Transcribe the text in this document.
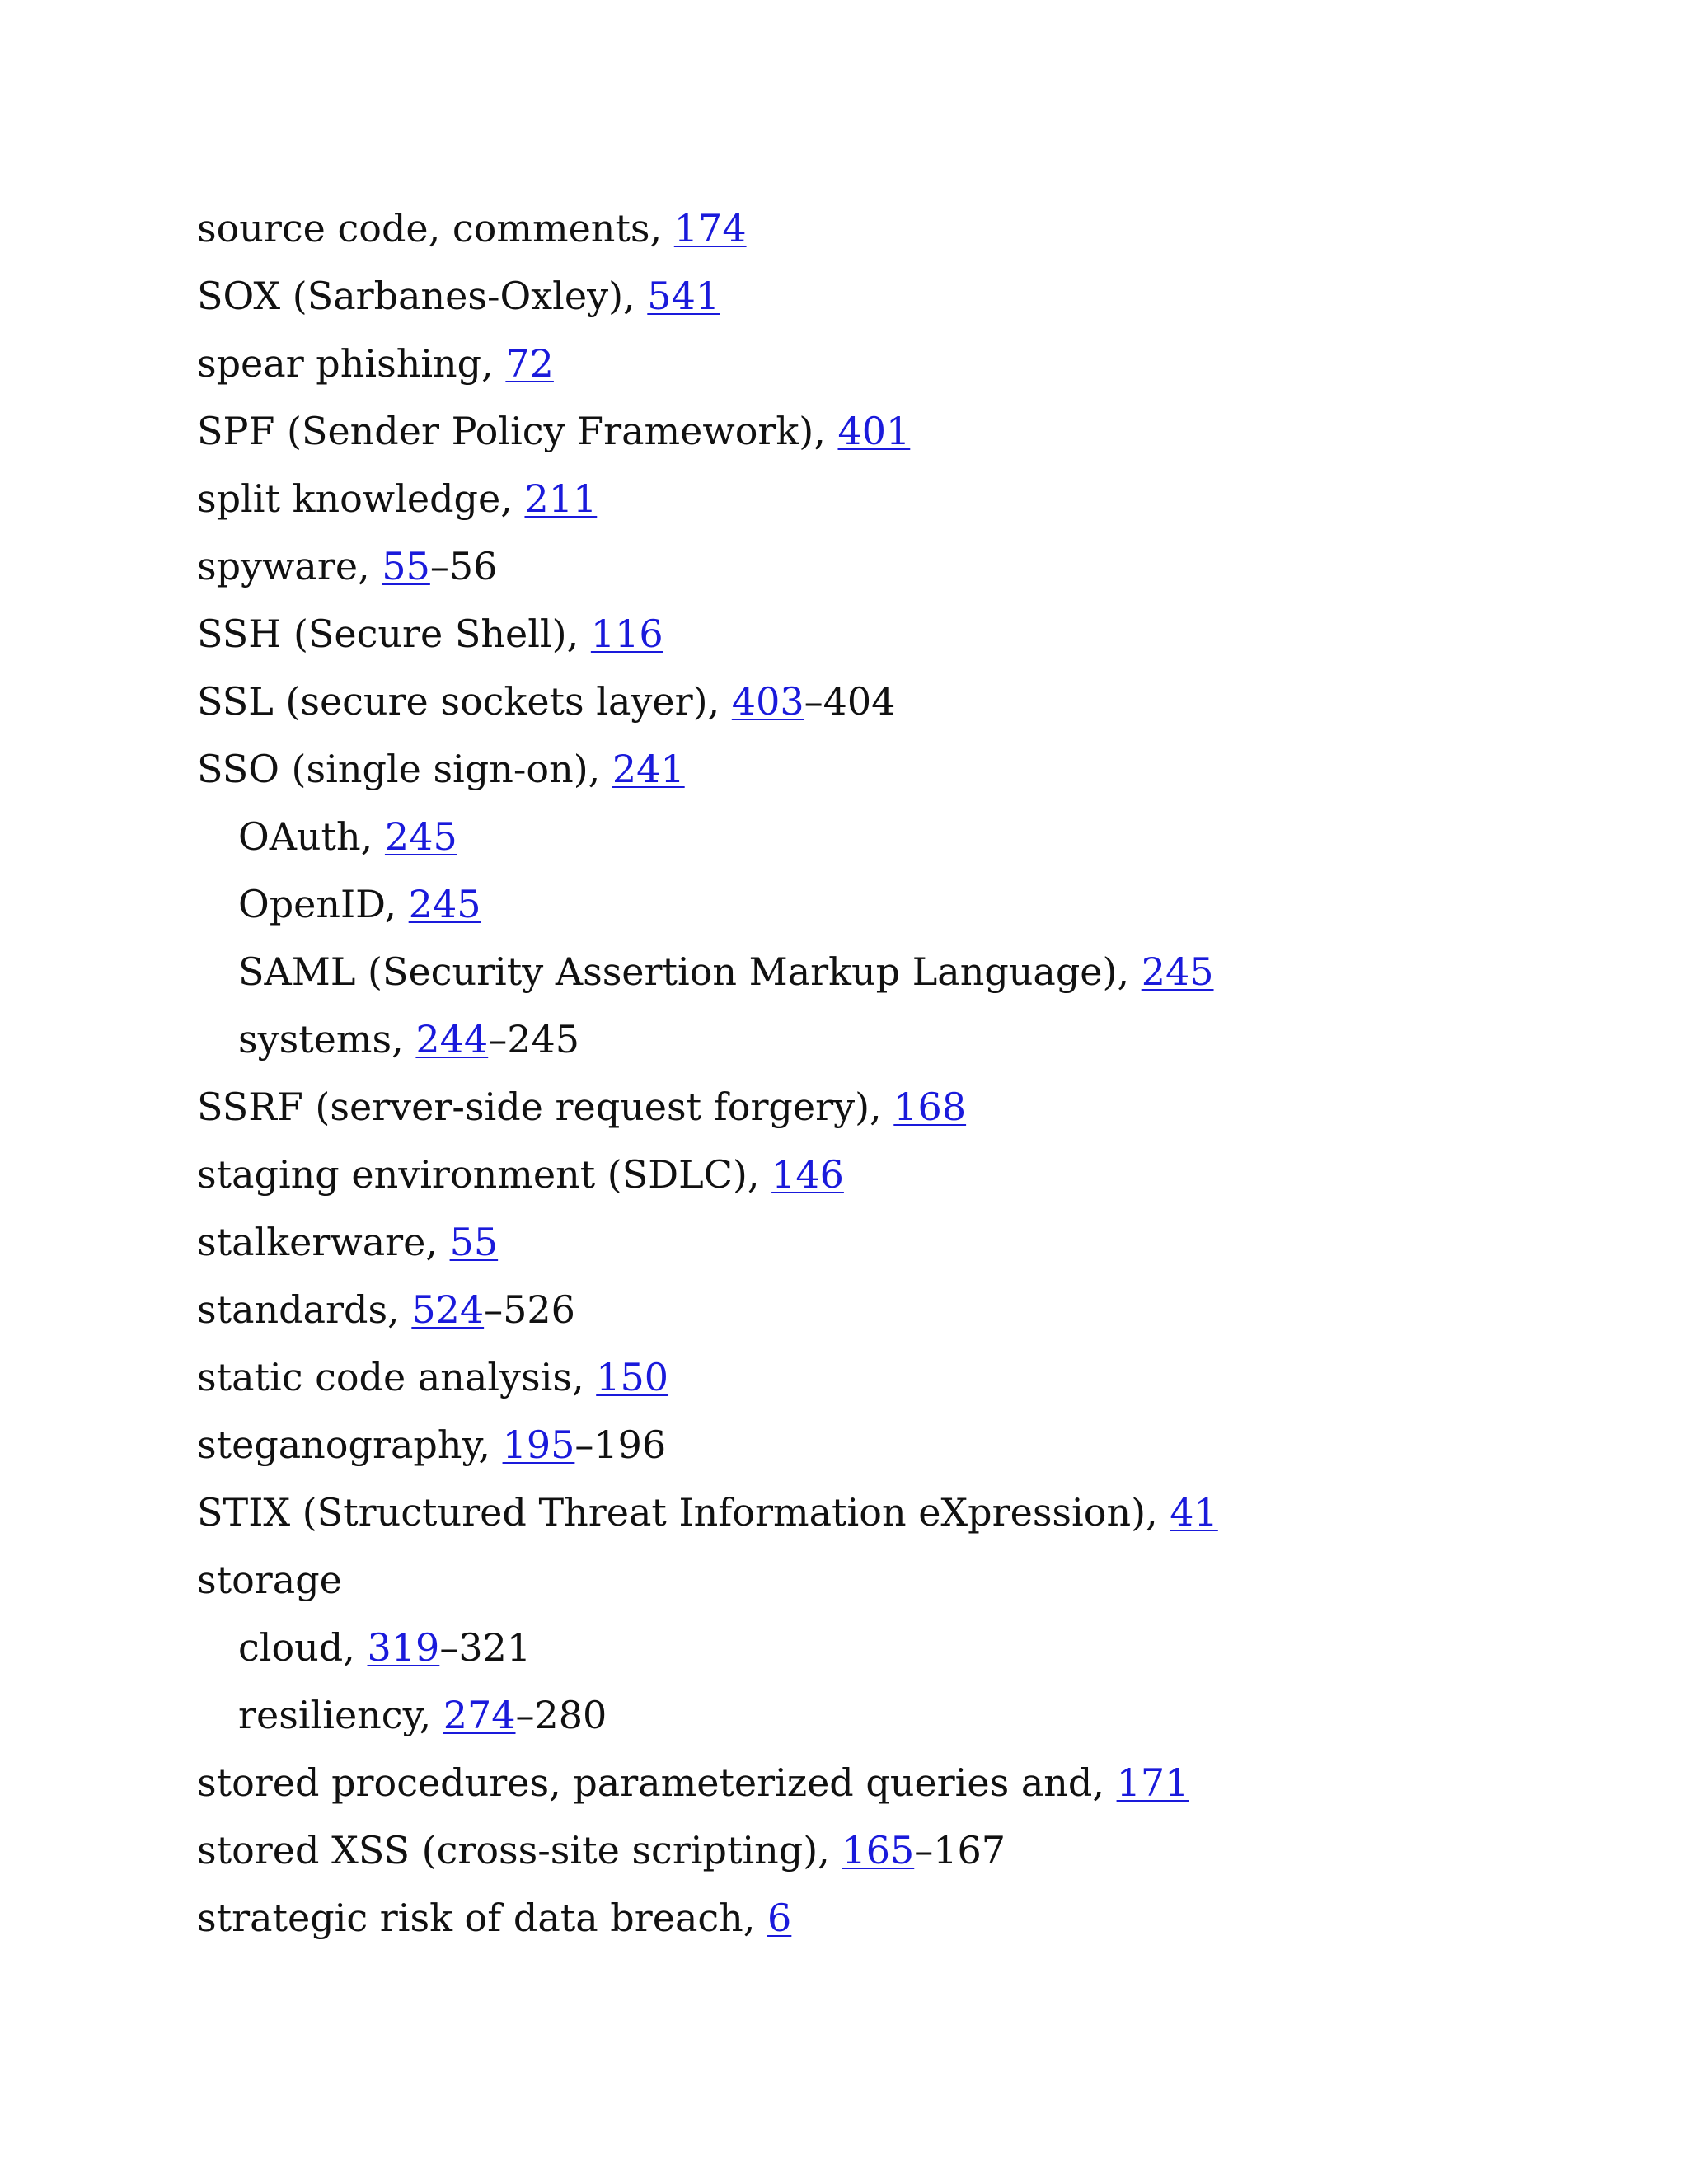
source code, comments, 174
SOX (Sarbanes-Oxley), 541
spear phishing, 72
SPF (Sender Policy Framework), 401
split knowledge, 211
spyware, 55–56
SSH (Secure Shell), 116
SSL (secure sockets layer), 403–404
SSO (single sign-on), 241
OAuth, 245
OpenID, 245
SAML (Security Assertion Markup Language), 245
systems, 244–245
SSRF (server-side request forgery), 168
staging environment (SDLC), 146
stalkerware, 55
standards, 524–526
static code analysis, 150
steganography, 195–196
STIX (Structured Threat Information eXpression), 41
storage
cloud, 319–321
resiliency, 274–280
stored procedures, parameterized queries and, 171
stored XSS (cross-site scripting), 165–167
strategic risk of data breach, 6
